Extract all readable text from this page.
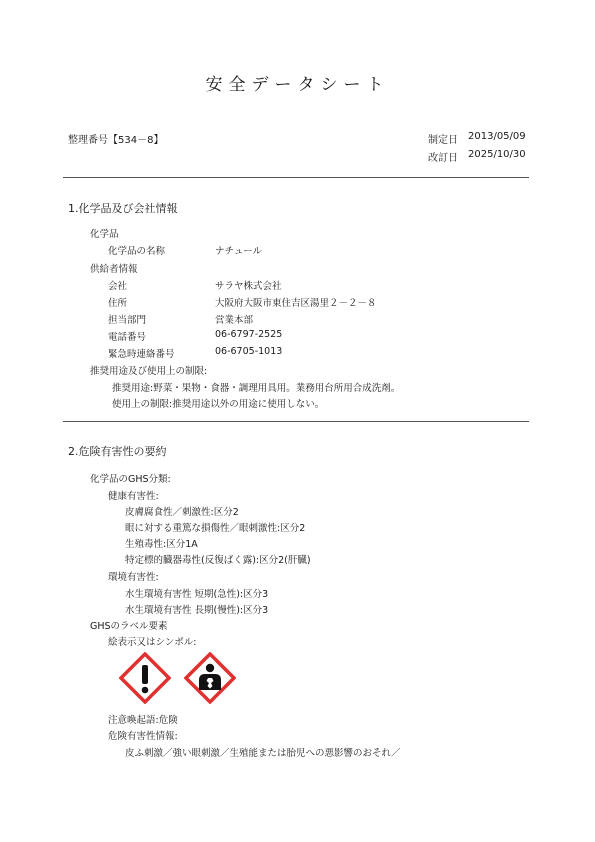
安全データシート
整理番号【534－8】	制定日 2013/05/09
改訂日 2025/10/30
1.化学品及び会社情報
化学品
化学品の名称	ナチュール
供給者情報
会社	サラヤ株式会社
住所	大阪府大阪市東住吉区湯里２－２－８
担当部門	営業本部
電話番号	06-6797-2525
緊急時連絡番号	06-6705-1013
推奨用途及び使用上の制限:
推奨用途:野菜・果物・食器・調理用具用。業務用台所用合成洗剤。
使用上の制限:推奨用途以外の用途に使用しない。
2.危険有害性の要約
化学品のGHS分類:
健康有害性:
皮膚腐食性／刺激性:区分2
眼に対する重篤な損傷性／眼刺激性:区分2
生殖毒性:区分1A
特定標的臓器毒性(反復ばく露):区分2(肝臓)
環境有害性:
水生環境有害性 短期(急性):区分3
水生環境有害性 長期(慢性):区分3
GHSのラベル要素
絵表示又はシンボル:
注意喚起語:危険
危険有害性情報:
皮ふ刺激／強い眼刺激／生殖能または胎児への悪影響のおそれ／
